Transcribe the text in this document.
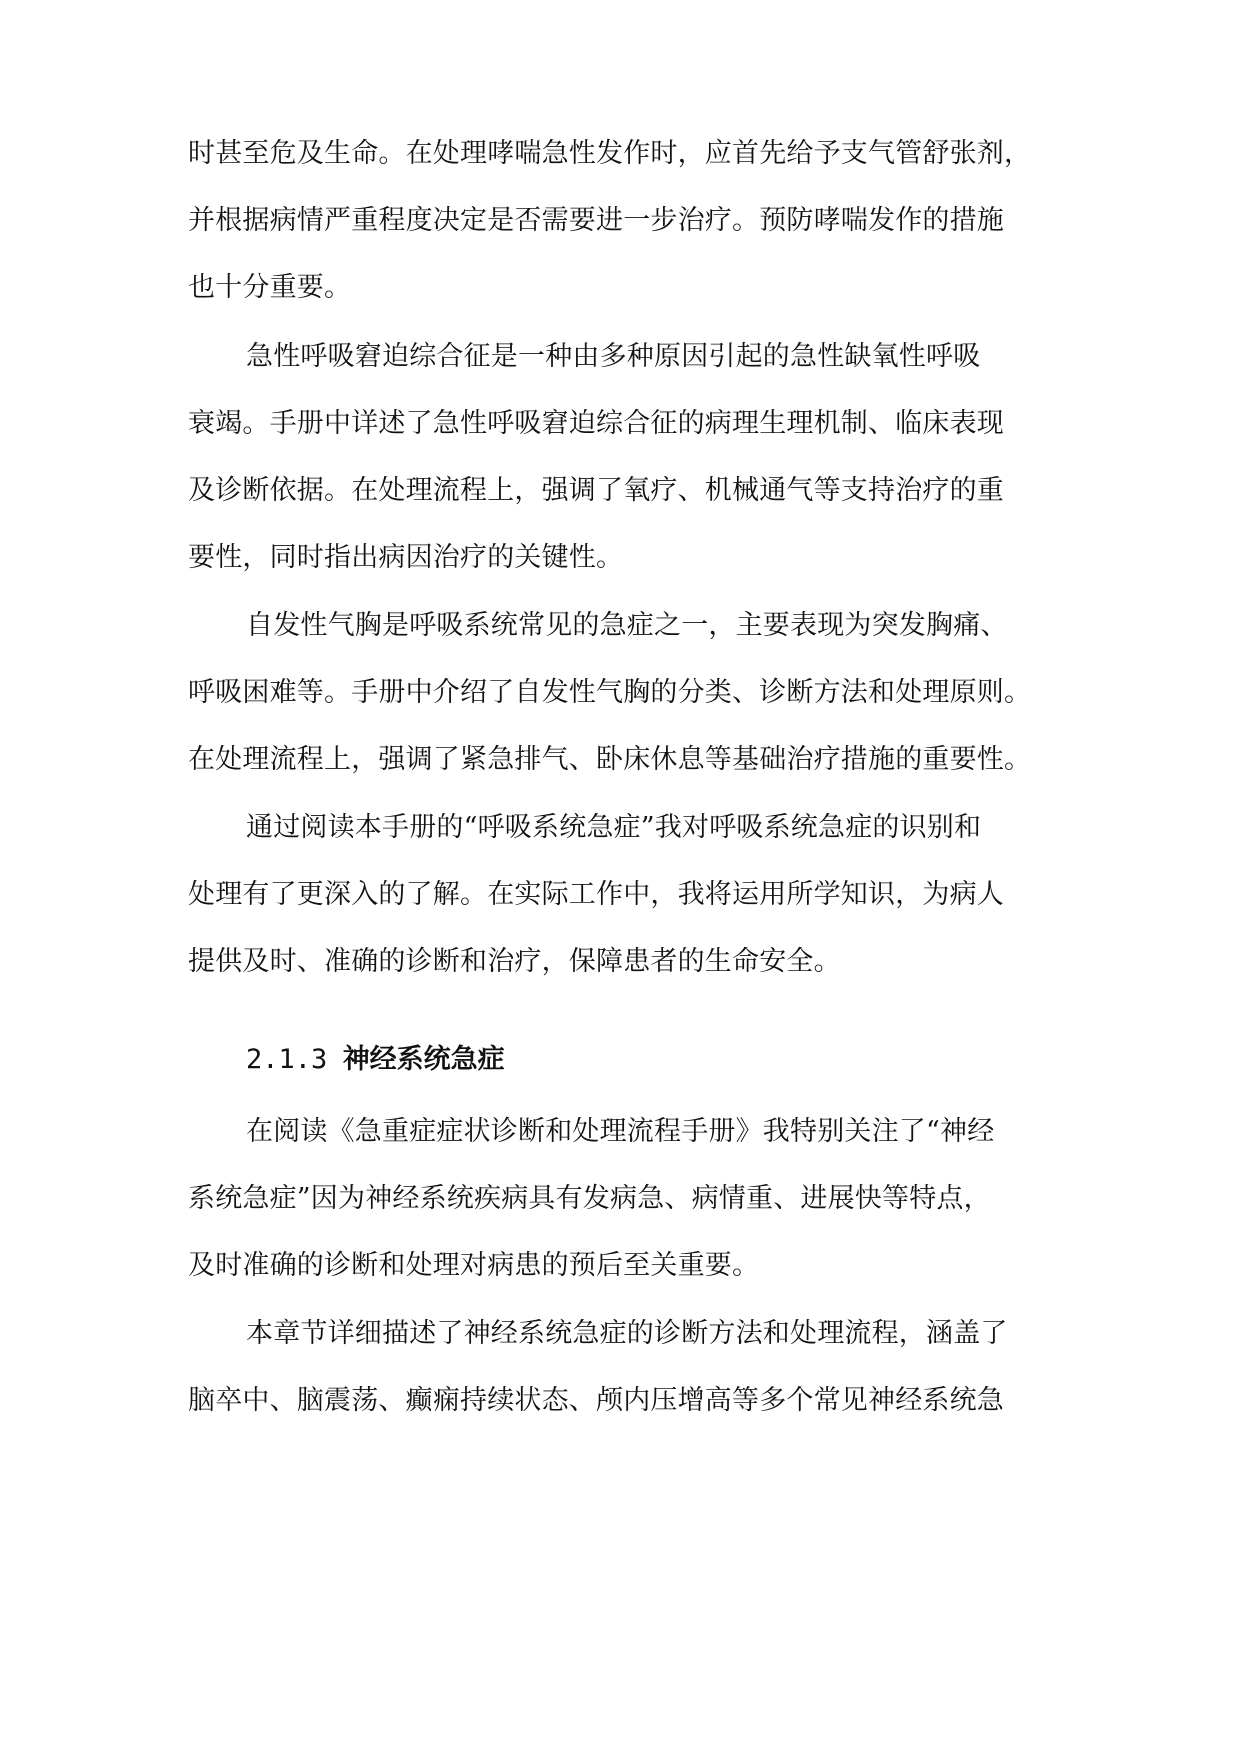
时甚至危及生命。在处理哮喘急性发作时，应首先给予支气管舒张剂，
并根据病情严重程度决定是否需要进一步治疗。预防哮喘发作的措施
也十分重要。
急性呼吸窘迫综合征是一种由多种原因引起的急性缺氧性呼吸
衰竭。手册中详述了急性呼吸窘迫综合征的病理生理机制、临床表现
及诊断依据。在处理流程上，强调了氧疗、机械通气等支持治疗的重
要性，同时指出病因治疗的关键性。
自发性气胸是呼吸系统常见的急症之一，主要表现为突发胸痛、
呼吸困难等。手册中介绍了自发性气胸的分类、诊断方法和处理原则。
在处理流程上，强调了紧急排气、卧床休息等基础治疗措施的重要性。
通过阅读本手册的“呼吸系统急症”我对呼吸系统急症的识别和
处理有了更深入的了解。在实际工作中，我将运用所学知识，为病人
提供及时、准确的诊断和治疗，保障患者的生命安全。
2.1.3 神经系统急症
在阅读《急重症症状诊断和处理流程手册》我特别关注了“神经
系统急症”因为神经系统疾病具有发病急、病情重、进展快等特点，
及时准确的诊断和处理对病患的预后至关重要。
本章节详细描述了神经系统急症的诊断方法和处理流程，涵盖了
脑卒中、脑震荡、癫痫持续状态、颅内压增高等多个常见神经系统急
